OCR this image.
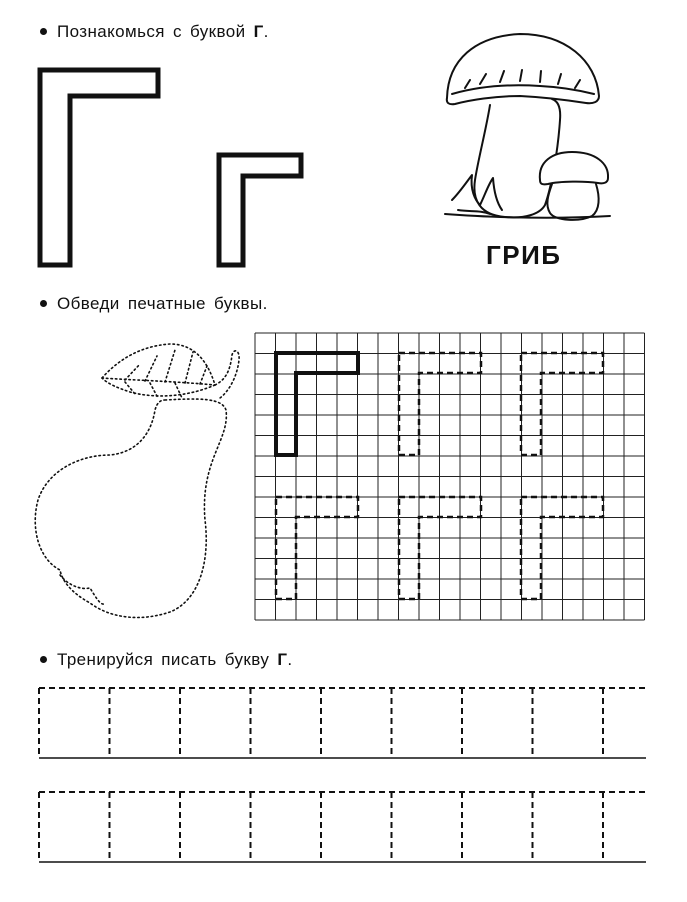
Познакомься с буквой Г.
ГРИБ
Обведи печатные буквы.
Тренируйся писать букву Г.
